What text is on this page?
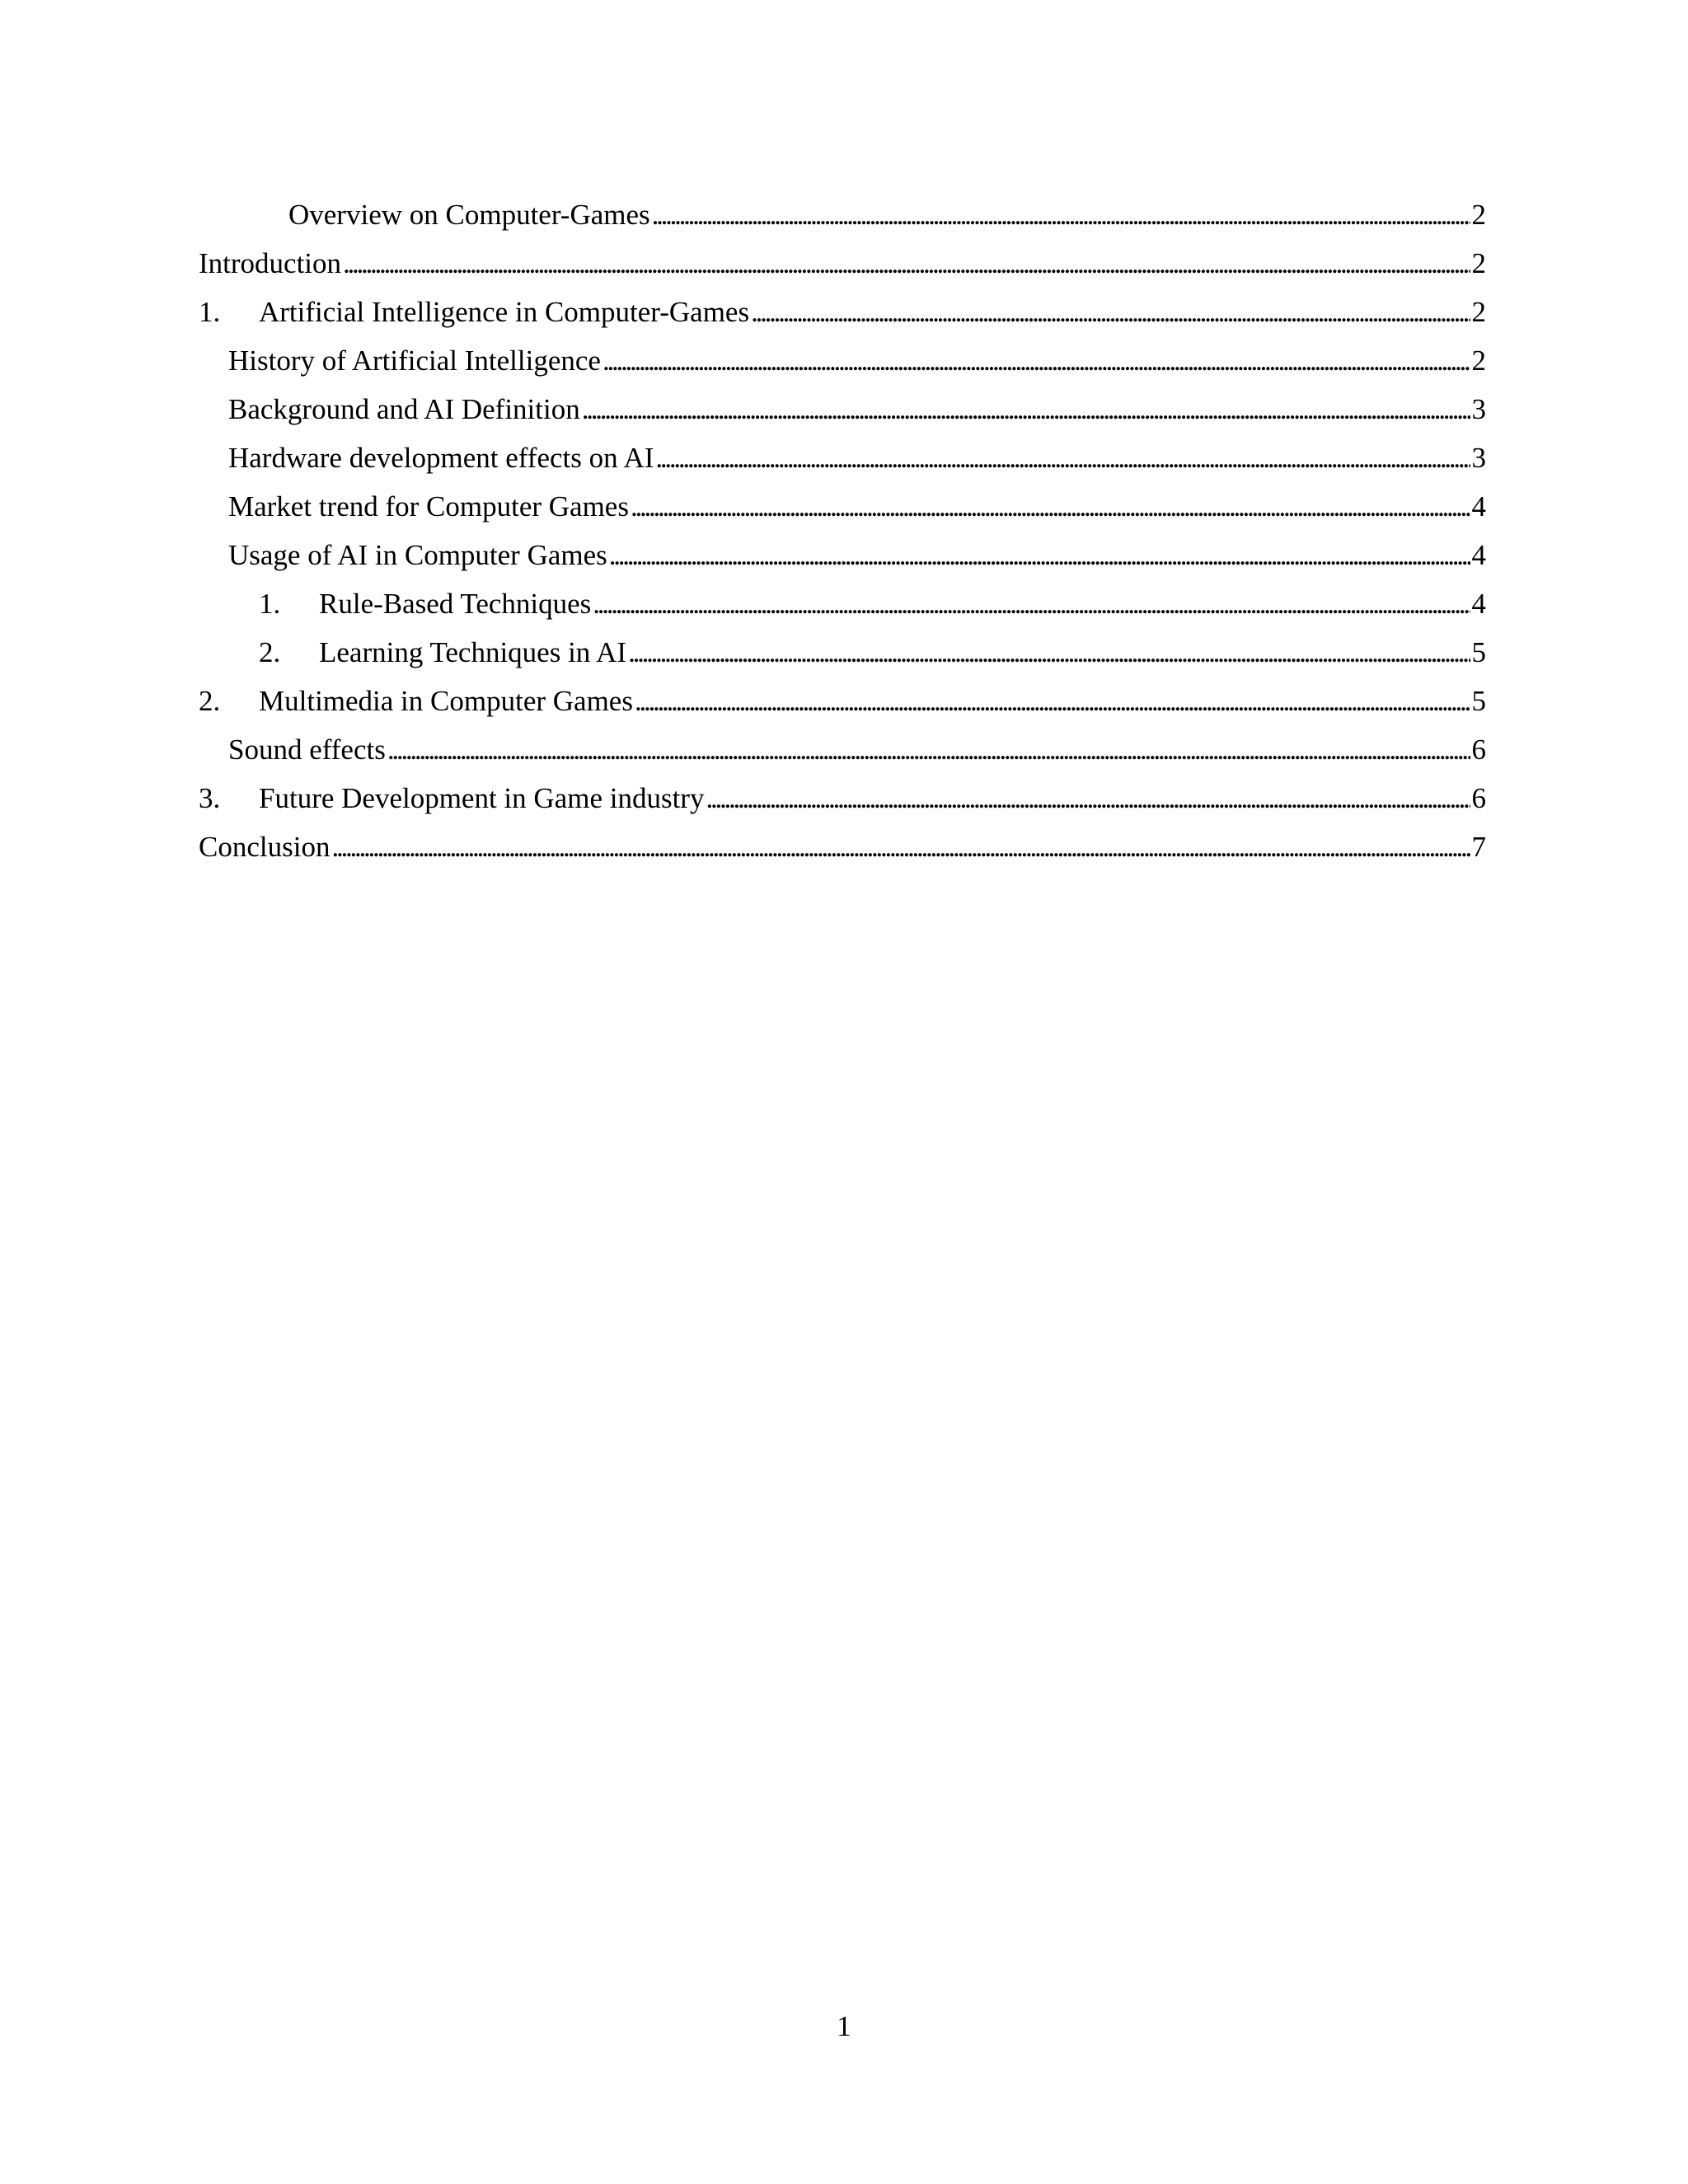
Overview on Computer-Games . . .	2
Introduction . . .	2
1.	Artificial Intelligence in Computer-Games . . .	2
History of Artificial Intelligence . . .	2
Background and AI Definition . . .	3
Hardware development effects on AI . . .	3
Market trend for Computer Games . . .	4
Usage of AI in Computer Games . . .	4
1.	Rule-Based Techniques . . .	4
2.	Learning Techniques in AI . . .	5
2.	Multimedia in Computer Games . . .	5
Sound effects . . .	6
3.	Future Development in Game industry . . .	6
Conclusion . . .	7
1
